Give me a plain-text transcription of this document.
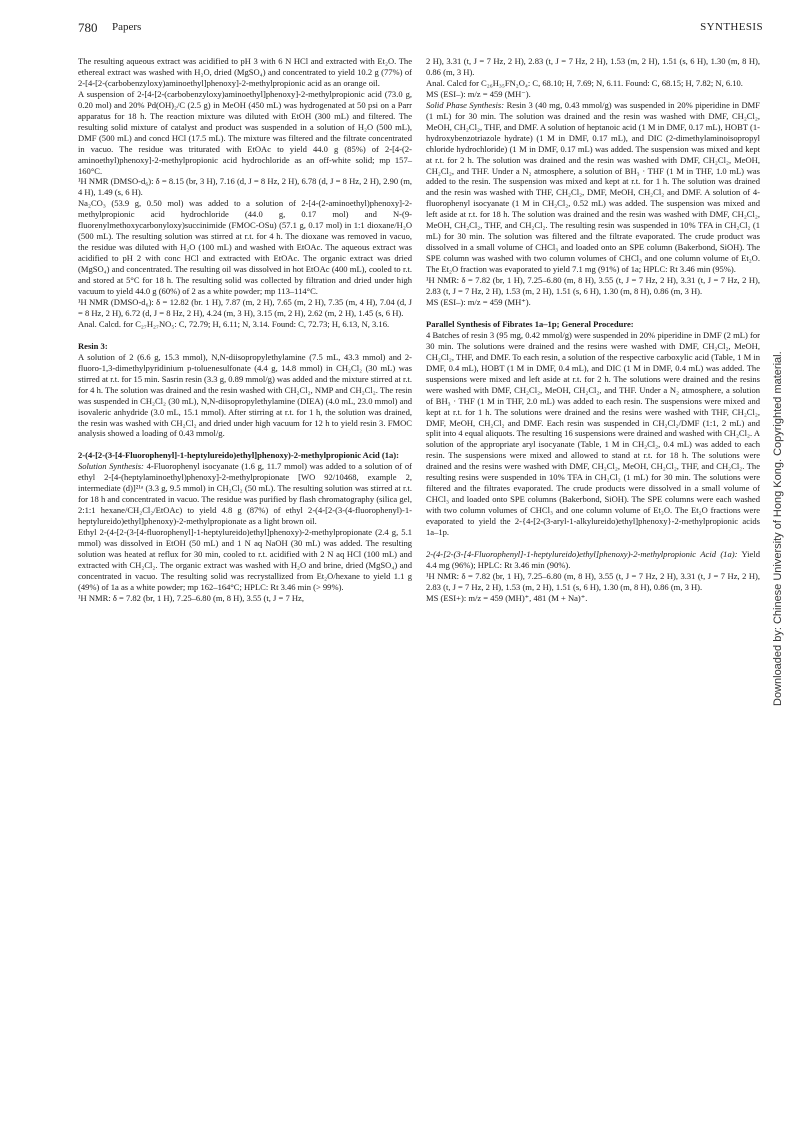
780 Papers	SYNTHESIS

The resulting aqueous extract was acidified to pH 3 with 6 N HCl and extracted with Et₂O. The ethereal extract was washed with H₂O, dried (MgSO₄) and concentrated to yield 10.2 g (77%) of 2-[4-[2-(carbobenzyloxy)aminoethyl]phenoxy]-2-methylpropionic acid as an orange oil.

A suspension of 2-[4-[2-(carbobenzyloxy)aminoethyl]phenoxy]-2-methylpropionic acid (73.0 g, 0.20 mol) and 20% Pd(OH)₂/C (2.5 g) in MeOH (450 mL) was hydrogenated at 50 psi on a Parr apparatus for 18 h. The reaction mixture was diluted with EtOH (300 mL) and filtered. The resulting solid mixture of catalyst and product was suspended in a solution of H₂O (500 mL), DMF (500 mL) and concd HCl (17.5 mL). The mixture was filtered and the filtrate concentrated in vacuo. The residue was triturated with EtOAc to yield 44.0 g (85%) of 2-[4-(2-aminoethyl)phenoxy]-2-methylpropionic acid hydrochloride as an off-white solid; mp 157–160°C.

¹H NMR (DMSO-d₆): δ = 8.15 (br, 3 H), 7.16 (d, J = 8 Hz, 2 H), 6.78 (d, J = 8 Hz, 2 H), 2.90 (m, 4 H), 1.49 (s, 6 H).

Na₂CO₃ (53.9 g, 0.50 mol) was added to a solution of 2-[4-(2-aminoethyl)phenoxy]-2-methylpropionic acid hydrochloride (44.0 g, 0.17 mol) and N-(9-fluorenylmethoxycarbonyloxy)succinimide (FMOC-OSu) (57.1 g, 0.17 mol) in 1:1 dioxane/H₂O (500 mL). The resulting solution was stirred at r.t. for 4 h. The dioxane was removed in vacuo, the residue was diluted with H₂O (100 mL) and washed with EtOAc. The aqueous extract was acidified to pH 2 with conc HCl and extracted with EtOAc. The organic extract was dried (MgSO₄) and concentrated. The resulting oil was dissolved in hot EtOAc (400 mL), cooled to r.t. and stored at 5°C for 18 h. The resulting solid was collected by filtration and dried under high vacuum to yield 44.0 g (60%) of 2 as a white powder; mp 113–114°C.

¹H NMR (DMSO-d₆): δ = 12.82 (br. 1 H), 7.87 (m, 2 H), 7.65 (m, 2 H), 7.35 (m, 4 H), 7.04 (d, J = 8 Hz, 2 H), 6.72 (d, J = 8 Hz, 2 H), 4.24 (m, 3 H), 3.15 (m, 2 H), 2.62 (m, 2 H), 1.45 (s, 6 H).

Anal. Calcd. for C₂₇H₂₇NO₅: C, 72.79; H, 6.11; N, 3.14. Found: C, 72.73; H, 6.13, N, 3.16.

Resin 3:

A solution of 2 (6.6 g, 15.3 mmol), N,N-diisopropylethylamine (7.5 mL, 43.3 mmol) and 2-fluoro-1,3-dimethylpyridinium p-toluenesulfonate (4.4 g, 14.8 mmol) in CH₂Cl₂ (30 mL) was stirred at r.t. for 15 min. Sasrin resin (3.3 g, 0.89 mmol/g) was added and the mixture stirred at r.t. for 4 h. The solution was drained and the resin washed with CH₂Cl₂, NMP and CH₂Cl₂. The resin was suspended in CH₂Cl₂ (30 mL), N,N-diisopropylethylamine (DIEA) (4.0 mL, 23.0 mmol) and isovaleric anhydride (3.0 mL, 15.1 mmol). After stirring at r.t. for 1 h, the solution was drained, the resin was washed with CH₂Cl₂ and dried under high vacuum for 12 h to yield resin 3. FMOC analysis showed a loading of 0.43 mmol/g.

2-(4-[2-(3-[4-Fluorophenyl]-1-heptylureido)ethyl]phenoxy)-2-methylpropionic Acid (1a):

Solution Synthesis: 4-Fluorophenyl isocyanate (1.6 g, 11.7 mmol) was added to a solution of of ethyl 2-[4-(heptylaminoethyl)phenoxy]-2-methylpropionate [WO 92/10468, example 2, intermediate (d)]²¹ᵃ (3.3 g, 9.5 mmol) in CH₂Cl₂ (50 mL). The resulting solution was stirred at r.t. for 18 h and concentrated in vacuo. The residue was purified by flash chromatography (silica gel, 2:1:1 hexane/CH₂Cl₂/EtOAc) to yield 4.8 g (87%) of ethyl 2-(4-[2-(3-(4-fluorophenyl)-1-heptylureido)ethyl]phenoxy)-2-methylpropionate as a light brown oil.

Ethyl 2-(4-[2-(3-[4-fluorophenyl]-1-heptylureido)ethyl]phenoxy)-2-methylpropionate (2.4 g, 5.1 mmol) was dissolved in EtOH (50 mL) and 1 N aq NaOH (30 mL) was added. The resulting solution was heated at reflux for 30 min, cooled to r.t. acidified with 2 N aq HCl (100 mL) and extracted with CH₂Cl₂. The organic extract was washed with H₂O and brine, dried (MgSO₄) and concentrated in vacuo. The resulting solid was recrystallized from Et₂O/hexane to yield 1.1 g (49%) of 1a as a white powder; mp 162–164°C; HPLC: Rt 3.46 min (> 99%).

¹H NMR: δ = 7.82 (br, 1 H), 7.25–6.80 (m, 8 H), 3.55 (t, J = 7 Hz,

2 H), 3.31 (t, J = 7 Hz, 2 H), 2.83 (t, J = 7 Hz, 2 H), 1.53 (m, 2 H), 1.51 (s, 6 H), 1.30 (m, 8 H), 0.86 (m, 3 H).

Anal. Calcd for C₂₆H₃₅FN₂O₄: C, 68.10; H, 7.69; N, 6.11. Found: C, 68.15; H, 7.82; N, 6.10.

MS (ESI–): m/z = 459 (MH⁻).

Solid Phase Synthesis: Resin 3 (40 mg, 0.43 mmol/g) was suspended in 20% piperidine in DMF (1 mL) for 30 min. The solution was drained and the resin was washed with DMF, CH₂Cl₂, MeOH, CH₂Cl₂, THF, and DMF. A solution of heptanoic acid (1 M in DMF, 0.17 mL), HOBT (1-hydroxybenzotriazole hydrate) (1 M in DMF, 0.17 mL), and DIC (2-dimethylaminoisopropyl chloride hydrochloride) (1 M in DMF, 0.17 mL) was added. The suspension was mixed and kept at r.t. for 2 h. The solution was drained and the resin was washed with DMF, CH₂Cl₂, MeOH, CH₂Cl₂, and THF. Under a N₂ atmosphere, a solution of BH₃ · THF (1 M in THF, 1.0 mL) was added to the resin. The suspension was mixed and kept at r.t. for 1 h. The solution was drained and the resin was washed with THF, CH₂Cl₂, DMF, MeOH, CH₂Cl₂ and DMF. A solution of 4-fluorophenyl isocyanate (1 M in CH₂Cl₂, 0.52 mL) was added. The suspension was mixed and left aside at r.t. for 18 h. The solution was drained and the resin was washed with DMF, CH₂Cl₂, MeOH, CH₂Cl₂, THF, and CH₂Cl₂. The resulting resin was suspended in 10% TFA in CH₂Cl₂ (1 mL) for 30 min. The solution was filtered and the filtrate evaporated. The crude product was dissolved in a small volume of CHCl₃ and loaded onto an SPE column (Bakerbond, SiOH). The SPE column was washed with two column volumes of CHCl₃ and one column volume of Et₂O. The Et₂O fraction was evaporated to yield 7.1 mg (91%) of 1a; HPLC: Rt 3.46 min (95%).

¹H NMR: δ = 7.82 (br, 1 H), 7.25–6.80 (m, 8 H), 3.55 (t, J = 7 Hz, 2 H), 3.31 (t, J = 7 Hz, 2 H), 2.83 (t, J = 7 Hz, 2 H), 1.53 (m, 2 H), 1.51 (s, 6 H), 1.30 (m, 8 H), 0.86 (m, 3 H).

MS (ESI–): m/z = 459 (MH⁺).

Parallel Synthesis of Fibrates 1a–1p; General Procedure:

4 Batches of resin 3 (95 mg, 0.42 mmol/g) were suspended in 20% piperidine in DMF (2 mL) for 30 min. The solutions were drained and the resins were washed with DMF, CH₂Cl₂, MeOH, CH₂Cl₂, THF, and DMF. To each resin, a solution of the respective carboxylic acid (Table, 1 M in DMF, 0.4 mL), HOBT (1 M in DMF, 0.4 mL), and DIC (1 M in DMF, 0.4 mL) was added. The suspensions were mixed and left aside at r.t. for 2 h. The solutions were drained and the resins were washed with DMF, CH₂Cl₂, MeOH, CH₂Cl₂, and THF. Under a N₂ atmosphere, a solution of BH₃ · THF (1 M in THF, 2.0 mL) was added to each resin. The suspensions were mixed and kept at r.t. for 1 h. The solutions were drained and the resins were washed with THF, CH₂Cl₂, DMF, MeOH, CH₂Cl₂ and DMF. Each resin was suspended in CH₂Cl₂/DMF (1:1, 2 mL) and split into 4 equal aliquots. The resulting 16 suspensions were drained and washed with CH₂Cl₂. A solution of the appropriate aryl isocyanate (Table, 1 M in CH₂Cl₂, 0.4 mL) was added to each resin. The suspensions were mixed and allowed to stand at r.t. for 18 h. The solutions were drained and the resins were washed with DMF, CH₂Cl₂, MeOH, CH₂Cl₂, THF, and CH₂Cl₂. The resulting resins were suspended in 10% TFA in CH₂Cl₂ (1 mL) for 30 min. The solutions were filtered and the filtrates evaporated. The crude products were dissolved in a small volume of CHCl₃ and loaded onto SPE columns (Bakerbond, SiOH). The SPE columns were each washed with two column volumes of CHCl₃ and one column volume of Et₂O. The Et₂O fractions were evaporated to yield the 2-{4-[2-(3-aryl-1-alkylureido)ethyl]phenoxy}-2-methylpropionic acids 1a–1p.

2-(4-[2-(3-[4-Fluorophenyl]-1-heptylureido)ethyl]phenoxy)-2-methylpropionic Acid (1a): Yield 4.4 mg (96%); HPLC: Rt 3.46 min (90%).

¹H NMR: δ = 7.82 (br, 1 H), 7.25–6.80 (m, 8 H), 3.55 (t, J = 7 Hz, 2 H), 3.31 (t, J = 7 Hz, 2 H), 2.83 (t, J = 7 Hz, 2 H), 1.53 (m, 2 H), 1.51 (s, 6 H), 1.30 (m, 8 H), 0.86 (m, 3 H).

MS (ESI+): m/z = 459 (MH)⁺, 481 (M + Na)⁺.	Downloaded by: Chinese University of Hong Kong. Copyrighted material.
